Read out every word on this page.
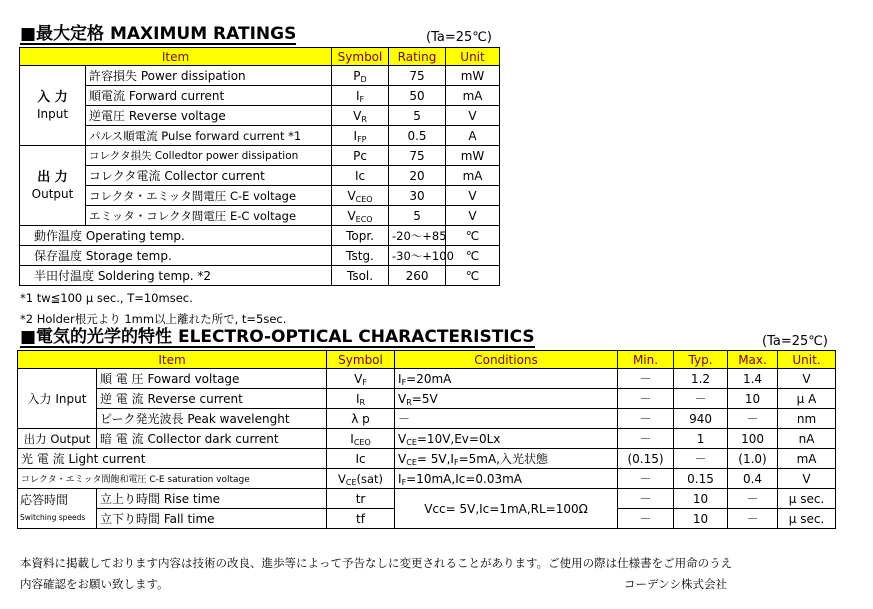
■最大定格 MAXIMUM RATINGS	(Ta=25℃)
Item		Symbol	Rating	Unit

入 力
Input	許容損失 Power dissipation	$P_D$	75	mW
	順電流 Forward current	$I_F$	50	mA
	逆電圧 Reverse voltage	$V_R$	5	V
	パルス順電流 Pulse forward current *1	$I_{FP}$	0.5	A

出 力
Output	コレクタ損失 Colledtor power dissipation	Pc	75	mW
	コレクタ電流 Collector current	Ic	20	mA
	コレクタ・エミッタ間電圧 C-E voltage	$V_{CEO}$	30	V
	エミッタ・コレクタ間電圧 E-C voltage	$V_{ECO}$	5	V
動作温度 Operating temp.		Topr.	-20～+85	℃
保存温度 Storage temp.		Tstg.	-30～+100	℃
半田付温度 Soldering temp. *2		Tsol.	260	℃
*1 tw≦100 μ sec., T=10msec.
*2 Holder根元より 1mm以上離れた所で, t=5sec.
■電気的光学的特性 ELECTRO-OPTICAL CHARACTERISTICS	(Ta=25℃)
Item		Symbol	Conditions	Min.	Typ.	Max.	Unit.
入力 Input	順 電 圧 Foward voltage	$V_F$	$I_F=20mA$	－	1.2	1.4	V
	逆 電 流 Reverse current	$I_R$	$V_R=5V$	－	－	10	μ A
	ピーク発光波長 Peak wavelenght	λ p	－	－	940	－	nm
出力 Output	暗 電 流 Collector dark current	$I_{CEO}$	$V_{CE}=10V,Ev=0Lx$	－	1	100	nA
光 電 流 Light current		Ic	$V_{CE}= 5V,I_F=5mA$,入光状態	(0.15)	－	(1.0)	mA
コレクタ・エミッタ間飽和電圧 C-E saturation voltage		$V_{CE}(sat)$	$I_F=10mA,Ic=0.03mA$	－	0.15	0.4	V

応答時間
Switching speeds	立上り時間 Rise time	tr	Vcc= 5V,Ic=1mA,RL=100Ω	－	10	－	μ sec.
	立下り時間 Fall time	tf		－	10	－	μ sec.
本資料に掲載しております内容は技術の改良、進歩等によって予告なしに変更されることがあります。ご使用の際は仕様書をご用命のうえ
内容確認をお願い致します。	コーデンシ株式会社
